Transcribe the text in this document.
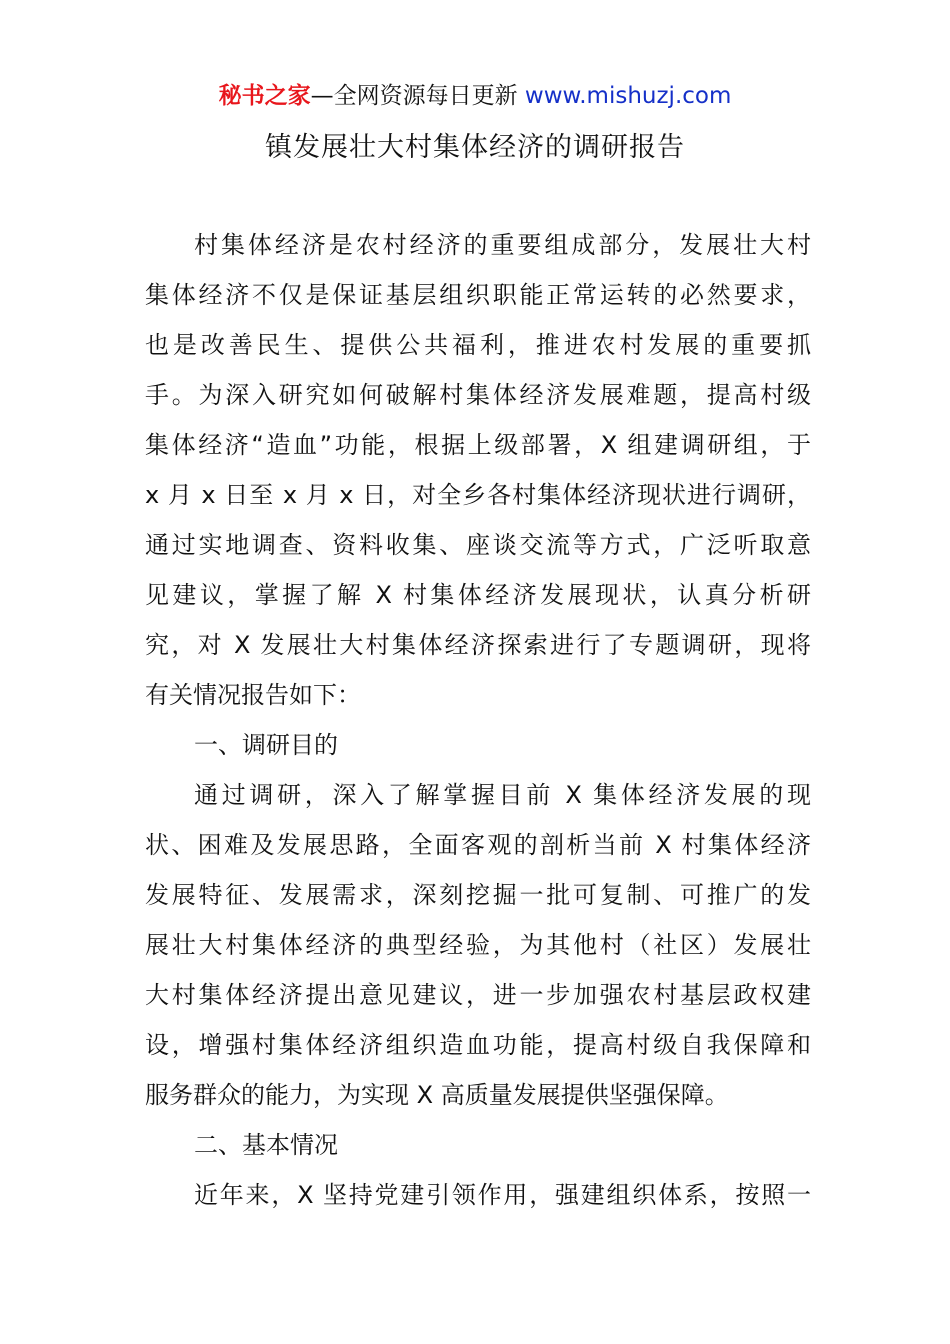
秘书之家—全网资源每日更新 www.mishuzj.com
镇发展壮大村集体经济的调研报告
村集体经济是农村经济的重要组成部分，发展壮大村
集体经济不仅是保证基层组织职能正常运转的必然要求，
也是改善民生、提供公共福利，推进农村发展的重要抓
手。为深入研究如何破解村集体经济发展难题，提高村级
集体经济“造血”功能，根据上级部署，X 组建调研组，于
x 月 x 日至 x 月 x 日，对全乡各村集体经济现状进行调研，
通过实地调查、资料收集、座谈交流等方式，广泛听取意
见建议，掌握了解 X 村集体经济发展现状，认真分析研
究，对 X 发展壮大村集体经济探索进行了专题调研，现将
有关情况报告如下：
一、调研目的
通过调研，深入了解掌握目前 X 集体经济发展的现
状、困难及发展思路，全面客观的剖析当前 X 村集体经济
发展特征、发展需求，深刻挖掘一批可复制、可推广的发
展壮大村集体经济的典型经验，为其他村（社区）发展壮
大村集体经济提出意见建议，进一步加强农村基层政权建
设，增强村集体经济组织造血功能，提高村级自我保障和
服务群众的能力，为实现 X 高质量发展提供坚强保障。
二、基本情况
近年来，X 坚持党建引领作用，强建组织体系，按照一
